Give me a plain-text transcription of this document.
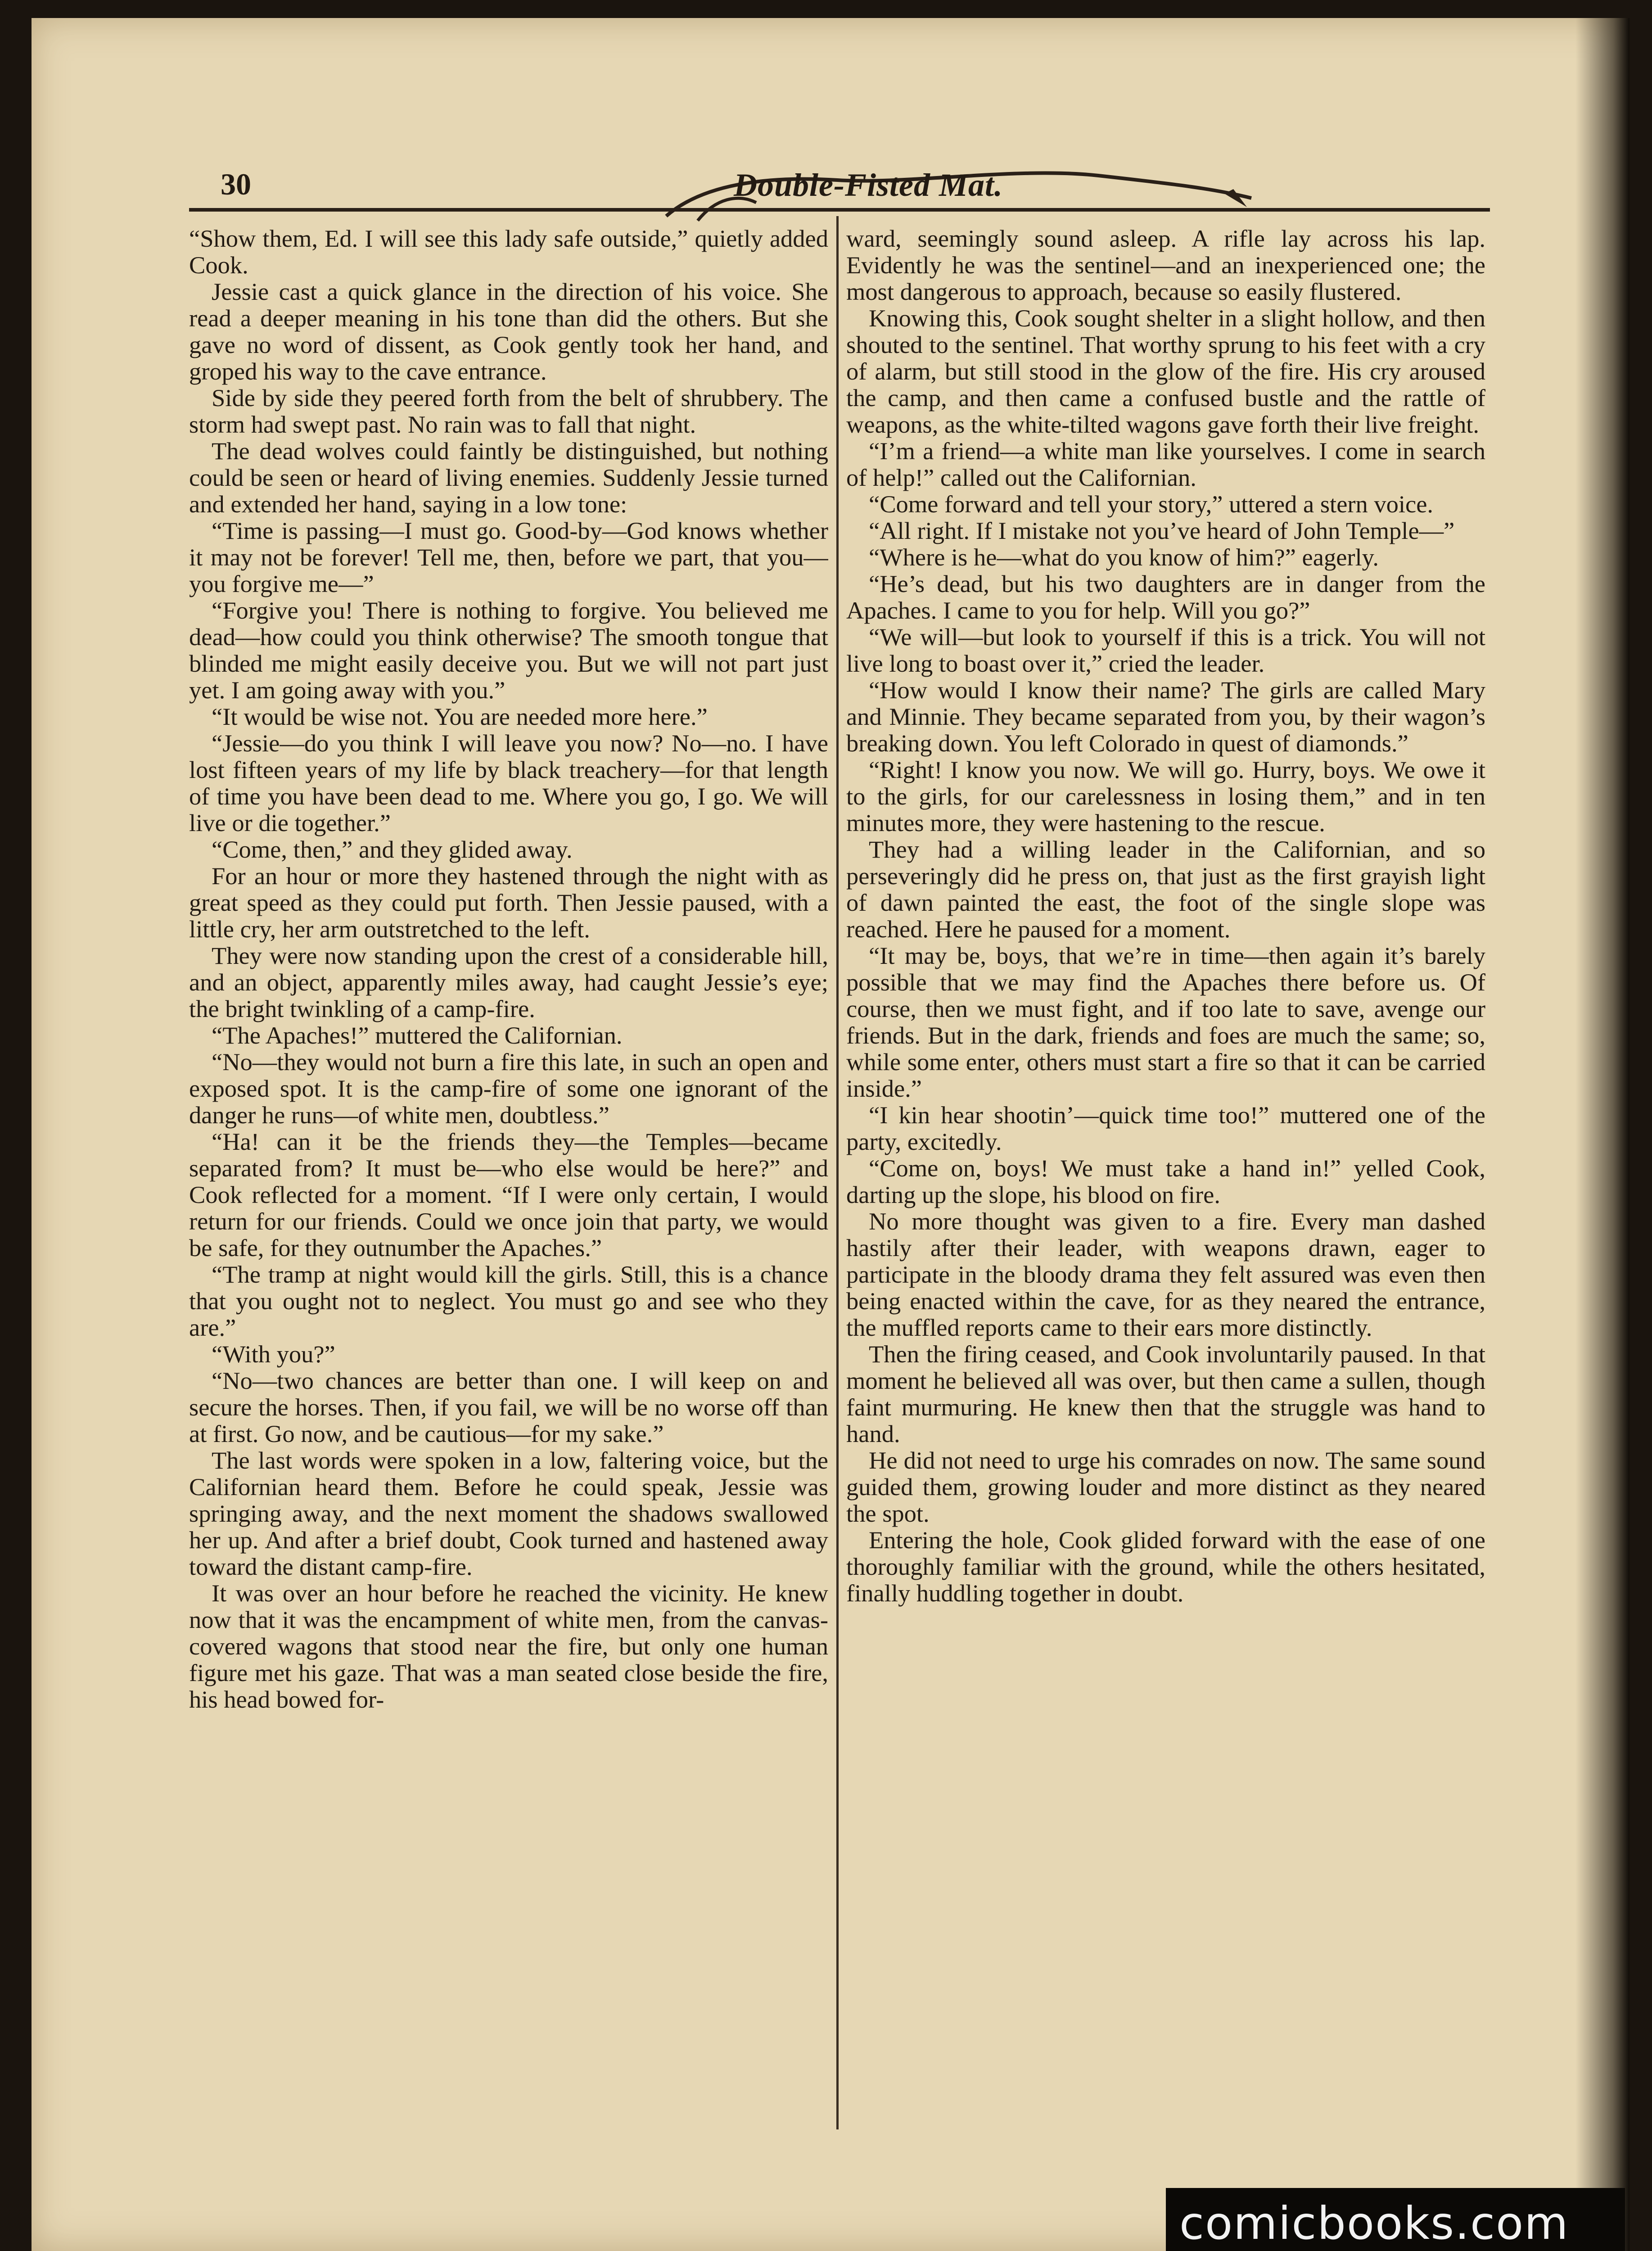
30	Double-Fisted Mat.

“Show them, Ed. I will see this lady safe outside,” quietly added Cook.

Jessie cast a quick glance in the direction of his voice. She read a deeper meaning in his tone than did the others. But she gave no word of dissent, as Cook gently took her hand, and groped his way to the cave entrance.

Side by side they peered forth from the belt of shrubbery. The storm had swept past. No rain was to fall that night.

The dead wolves could faintly be distinguished, but nothing could be seen or heard of living enemies. Suddenly Jessie turned and extended her hand, saying in a low tone:

“Time is passing—I must go. Good-by—God knows whether it may not be forever! Tell me, then, before we part, that you—you forgive me—”

“Forgive you! There is nothing to forgive. You believed me dead—how could you think otherwise? The smooth tongue that blinded me might easily deceive you. But we will not part just yet. I am going away with you.”

“It would be wise not. You are needed more here.”

“Jessie—do you think I will leave you now? No—no. I have lost fifteen years of my life by black treachery—for that length of time you have been dead to me. Where you go, I go. We will live or die together.”

“Come, then,” and they glided away.

For an hour or more they hastened through the night with as great speed as they could put forth. Then Jessie paused, with a little cry, her arm outstretched to the left.

They were now standing upon the crest of a considerable hill, and an object, apparently miles away, had caught Jessie’s eye; the bright twinkling of a camp-fire.

“The Apaches!” muttered the Californian.

“No—they would not burn a fire this late, in such an open and exposed spot. It is the camp-fire of some one ignorant of the danger he runs—of white men, doubtless.”

“Ha! can it be the friends they—the Temples—became separated from? It must be—who else would be here?” and Cook reflected for a moment. “If I were only certain, I would return for our friends. Could we once join that party, we would be safe, for they outnumber the Apaches.”

“The tramp at night would kill the girls. Still, this is a chance that you ought not to neglect. You must go and see who they are.”

“With you?”

“No—two chances are better than one. I will keep on and secure the horses. Then, if you fail, we will be no worse off than at first. Go now, and be cautious—for my sake.”

The last words were spoken in a low, faltering voice, but the Californian heard them. Before he could speak, Jessie was springing away, and the next moment the shadows swallowed her up. And after a brief doubt, Cook turned and hastened away toward the distant camp-fire.

It was over an hour before he reached the vicinity. He knew now that it was the encampment of white men, from the canvas-covered wagons that stood near the fire, but only one human figure met his gaze. That was a man seated close beside the fire, his head bowed for-

ward, seemingly sound asleep. A rifle lay across his lap. Evidently he was the sentinel—and an inexperienced one; the most dangerous to approach, because so easily flustered.

Knowing this, Cook sought shelter in a slight hollow, and then shouted to the sentinel. That worthy sprung to his feet with a cry of alarm, but still stood in the glow of the fire. His cry aroused the camp, and then came a confused bustle and the rattle of weapons, as the white-tilted wagons gave forth their live freight.

“I’m a friend—a white man like yourselves. I come in search of help!” called out the Californian.

“Come forward and tell your story,” uttered a stern voice.

“All right. If I mistake not you’ve heard of John Temple—”

“Where is he—what do you know of him?” eagerly.

“He’s dead, but his two daughters are in danger from the Apaches. I came to you for help. Will you go?”

“We will—but look to yourself if this is a trick. You will not live long to boast over it,” cried the leader.

“How would I know their name? The girls are called Mary and Minnie. They became separated from you, by their wagon’s breaking down. You left Colorado in quest of diamonds.”

“Right! I know you now. We will go. Hurry, boys. We owe it to the girls, for our carelessness in losing them,” and in ten minutes more, they were hastening to the rescue.

They had a willing leader in the Californian, and so perseveringly did he press on, that just as the first grayish light of dawn painted the east, the foot of the single slope was reached. Here he paused for a moment.

“It may be, boys, that we’re in time—then again it’s barely possible that we may find the Apaches there before us. Of course, then we must fight, and if too late to save, avenge our friends. But in the dark, friends and foes are much the same; so, while some enter, others must start a fire so that it can be carried inside.”

“I kin hear shootin’—quick time too!” muttered one of the party, excitedly.

“Come on, boys! We must take a hand in!” yelled Cook, darting up the slope, his blood on fire.

No more thought was given to a fire. Every man dashed hastily after their leader, with weapons drawn, eager to participate in the bloody drama they felt assured was even then being enacted within the cave, for as they neared the entrance, the muffled reports came to their ears more distinctly.

Then the firing ceased, and Cook involuntarily paused. In that moment he believed all was over, but then came a sullen, though faint murmuring. He knew then that the struggle was hand to hand.

He did not need to urge his comrades on now. The same sound guided them, growing louder and more distinct as they neared the spot.

Entering the hole, Cook glided forward with the ease of one thoroughly familiar with the ground, while the others hesitated, finally huddling together in doubt.

comicbooks.com
